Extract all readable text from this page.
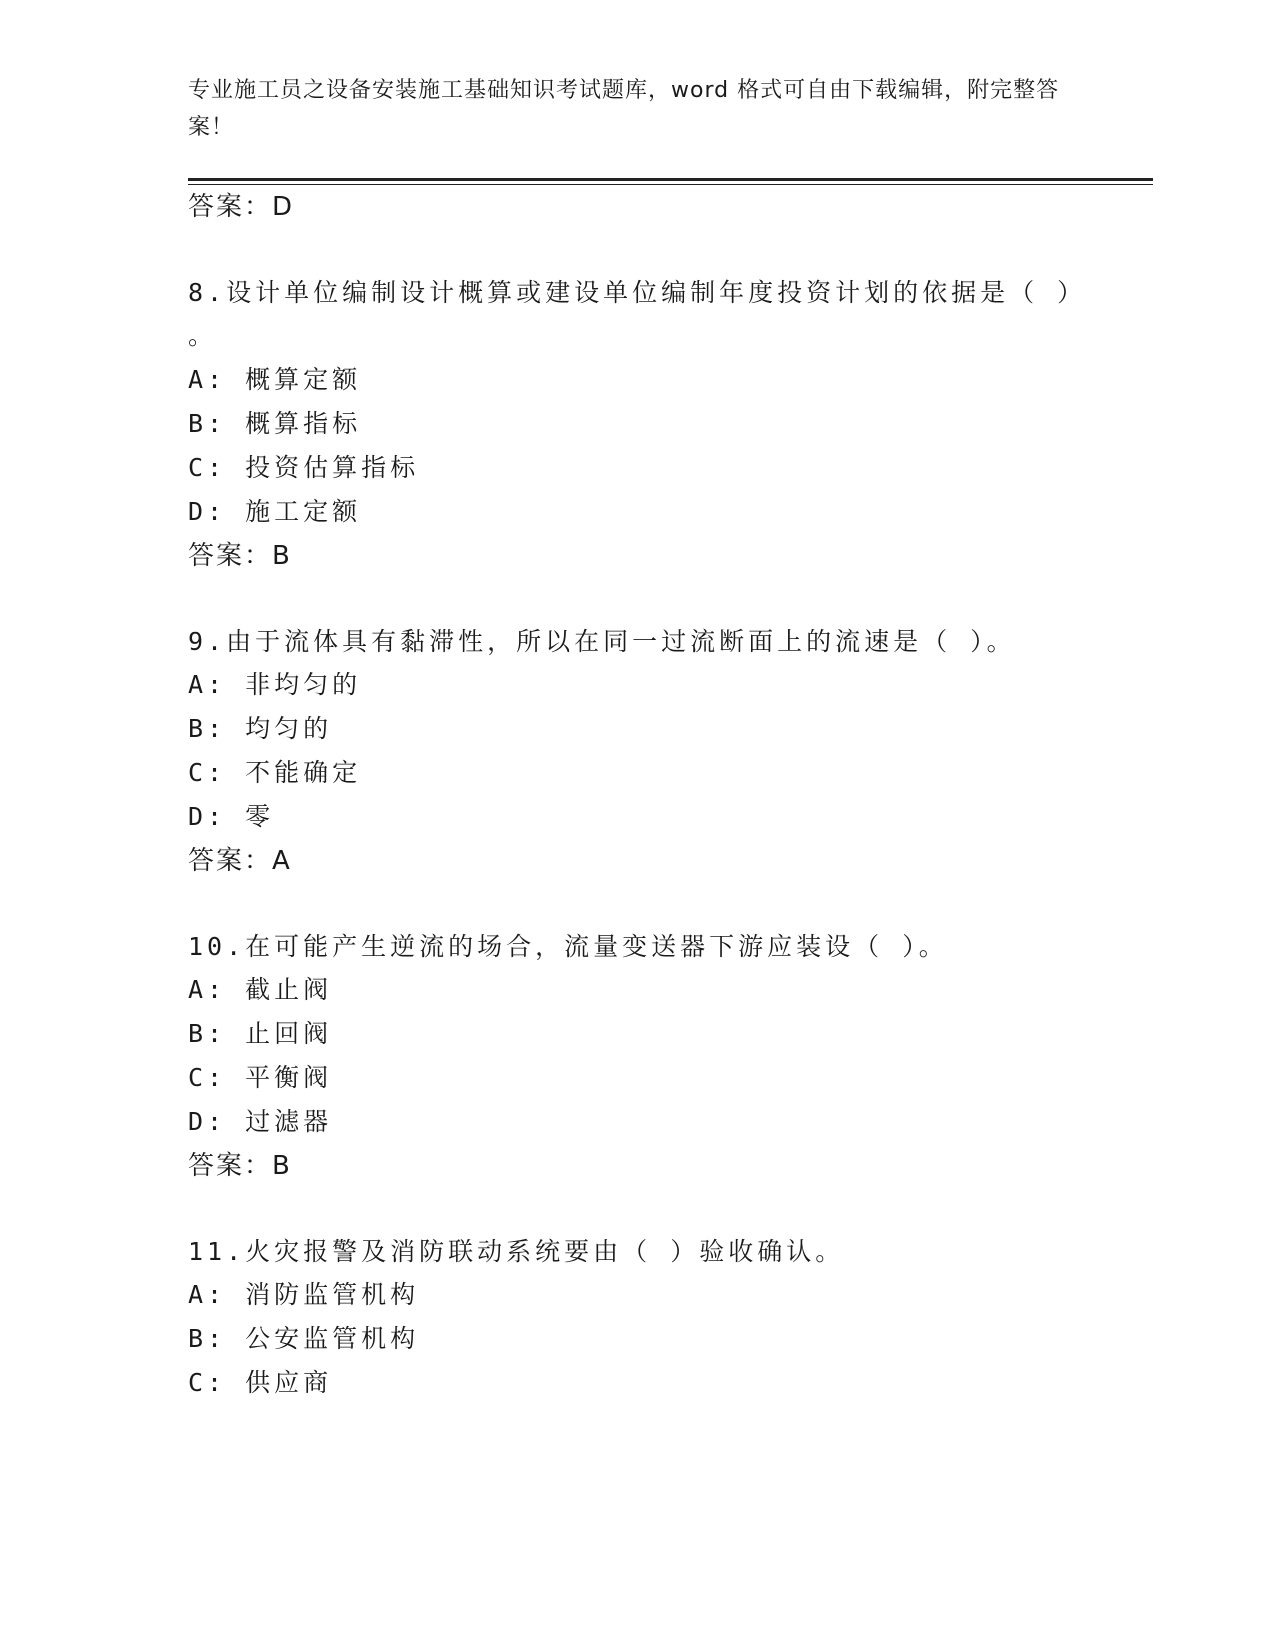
专业施工员之设备安装施工基础知识考试题库，word 格式可自由下载编辑，附完整答案！
答案：D
8.设计单位编制设计概算或建设单位编制年度投资计划的依据是（ ）
。
A: 概算定额
B: 概算指标
C: 投资估算指标
D: 施工定额
答案：B
9.由于流体具有黏滞性，所以在同一过流断面上的流速是（ ）。
A: 非均匀的
B: 均匀的
C: 不能确定
D: 零
答案：A
10.在可能产生逆流的场合，流量变送器下游应装设（ ）。
A: 截止阀
B: 止回阀
C: 平衡阀
D: 过滤器
答案：B
11.火灾报警及消防联动系统要由（ ）验收确认。
A: 消防监管机构
B: 公安监管机构
C: 供应商
